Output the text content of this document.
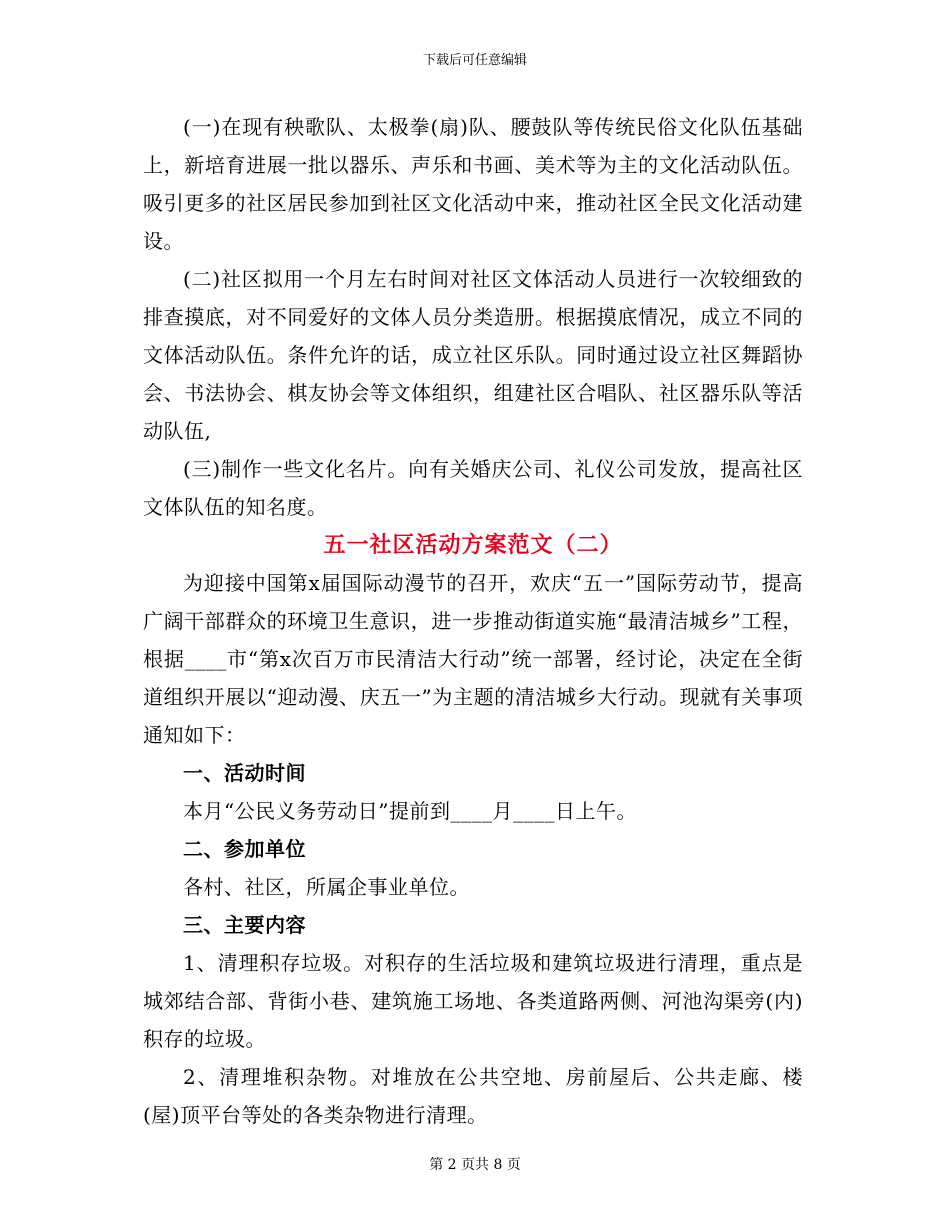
下载后可任意编辑

(一)在现有秧歌队、太极拳(扇)队、腰鼓队等传统民俗文化队伍基础上，新培育进展一批以器乐、声乐和书画、美术等为主的文化活动队伍。吸引更多的社区居民参加到社区文化活动中来，推动社区全民文化活动建设。

(二)社区拟用一个月左右时间对社区文体活动人员进行一次较细致的排查摸底，对不同爱好的文体人员分类造册。根据摸底情况，成立不同的文体活动队伍。条件允许的话，成立社区乐队。同时通过设立社区舞蹈协会、书法协会、棋友协会等文体组织，组建社区合唱队、社区器乐队等活动队伍,

(三)制作一些文化名片。向有关婚庆公司、礼仪公司发放，提高社区文体队伍的知名度。

五一社区活动方案范文（二）

为迎接中国第x届国际动漫节的召开，欢庆“五一”国际劳动节，提高广阔干部群众的环境卫生意识，进一步推动街道实施“最清洁城乡”工程，根据____市“第x次百万市民清洁大行动”统一部署，经讨论，决定在全街道组织开展以“迎动漫、庆五一”为主题的清洁城乡大行动。现就有关事项通知如下：

一、活动时间

本月“公民义务劳动日”提前到____月____日上午。

二、参加单位

各村、社区，所属企事业单位。

三、主要内容

1、清理积存垃圾。对积存的生活垃圾和建筑垃圾进行清理，重点是城郊结合部、背街小巷、建筑施工场地、各类道路两侧、河池沟渠旁(内)积存的垃圾。

2、清理堆积杂物。对堆放在公共空地、房前屋后、公共走廊、楼(屋)顶平台等处的各类杂物进行清理。

第 2 页共 8 页
